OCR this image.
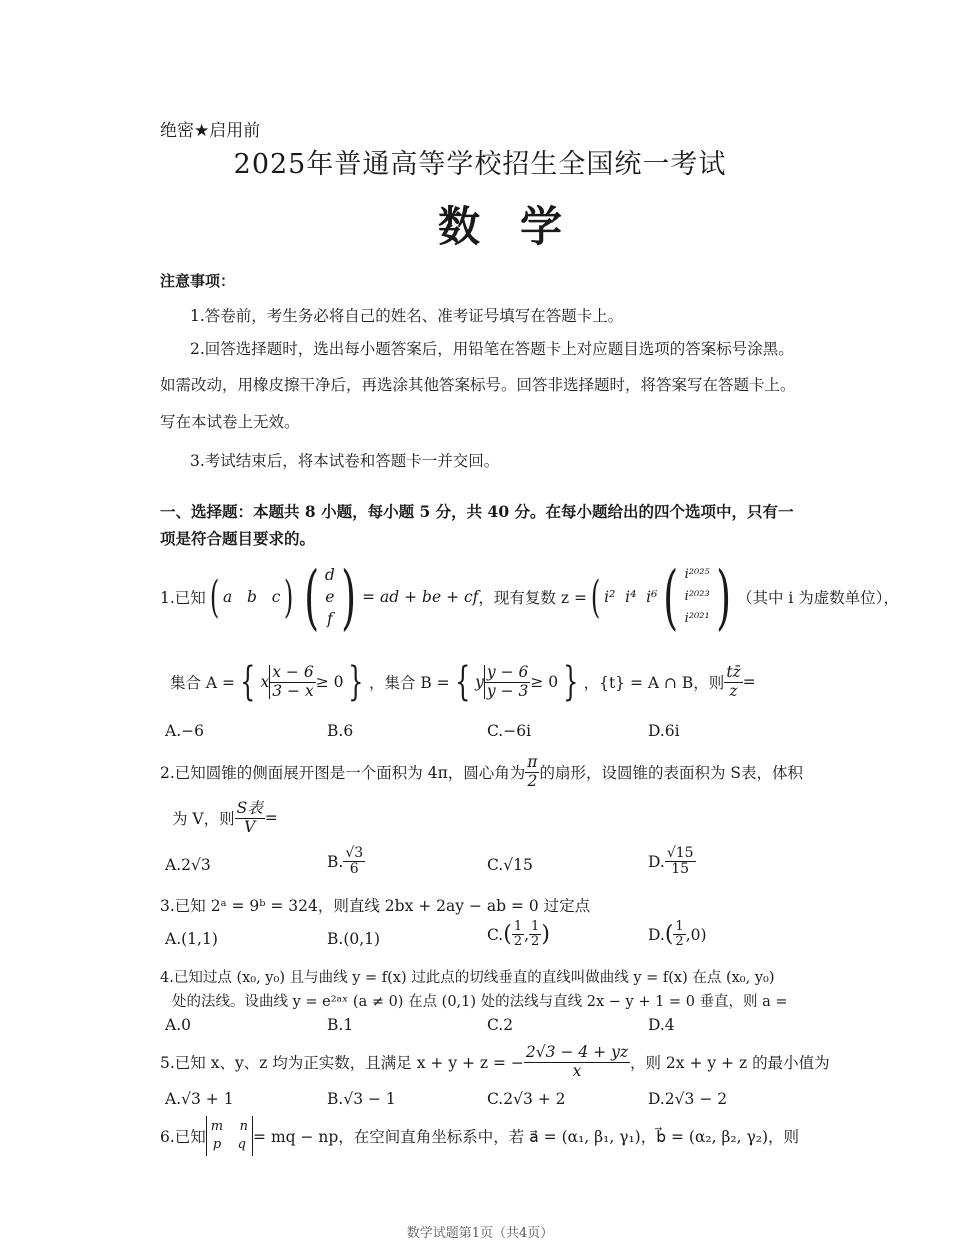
绝密★启用前
2025年普通高等学校招生全国统一考试
数学
注意事项：
1.答卷前，考生务必将自己的姓名、准考证号填写在答题卡上。
2.回答选择题时，选出每小题答案后，用铅笔在答题卡上对应题目选项的答案标号涂黑。
如需改动，用橡皮擦干净后，再选涂其他答案标号。回答非选择题时，将答案写在答题卡上。
写在本试卷上无效。
3.考试结束后，将本试卷和答题卡一并交回。
一、选择题：本题共 8 小题，每小题 5 分，共 40 分。在每小题给出的四个选项中，只有一
项是符合题目要求的。
1.已知 ( a
b
c ) ( d
e
f ) = ad + be + cf ，现有复数 z = ( i²
i⁴
i⁶ ( i²⁰²⁵
i²⁰²³
i²⁰²¹ ) （其中 i 为虚数单位），
集合 A = { x $\frac{x - 6}{3 - x} \ge 0$ } ，集合 B = { y $\frac{y - 6}{y - 3} \ge 0$ } ，{t} = A ∩ B，则 $\frac{tz̄}{z}$ =
A.−6	B.6	C.−6i	D.6i
2.已知圆锥的侧面展开图是一个面积为 4π，圆心角为 $\frac{\pi}{2}$ 的扇形，设圆锥的表面积为 S表，体积
为 V，则 $\frac{\text{S表}}{V}$ =
A.2√3	B. $\frac{√3}{6}$	C.√15	D. $\frac{√15}{15}$
3.已知 2ᵃ = 9ᵇ = 324，则直线 2bx + 2ay − ab = 0 过定点
A.(1,1)	B.(0,1)	C. ( $\frac{1}{2}$ , $\frac{1}{2}$ )	D. ( $\frac{1}{2} ,0$)
4.已知过点 (x₀, y₀) 且与曲线 y = f(x) 过此点的切线垂直的直线叫做曲线 y = f(x) 在点 (x₀, y₀)
处的法线。设曲线 y = e²ᵃˣ (a ≠ 0) 在点 (0,1) 处的法线与直线 2x − y + 1 = 0 垂直，则 a =
A.0	B.1	C.2	D.4
5.已知 x、y、z 均为正实数，且满足 x + y + z = − $\frac{2√3 - 4 + yz}{x}$ ，则 2x + y + z 的最小值为
A.√3 + 1	B.√3 − 1	C.2√3 + 2	D.2√3 − 2
6.已知
m    n
p    q = mq − np，在空间直角坐标系中，若 a⃗ = (α₁, β₁, γ₁)，b⃗ = (α₂, β₂, γ₂)，则
数学试题第1页（共4页）
